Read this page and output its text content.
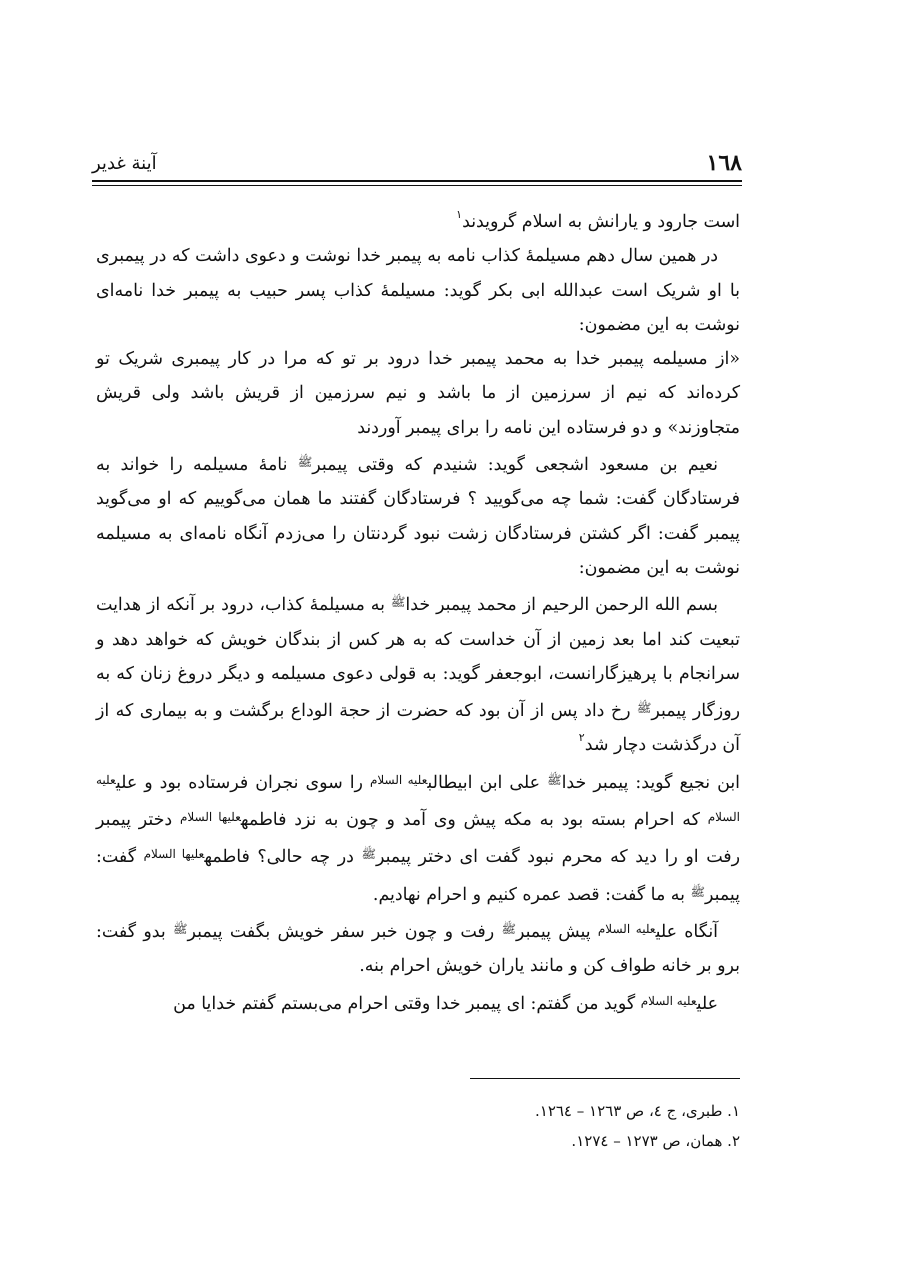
١٦٨
آینة غدیر

است جارود و یارانش به اسلام گرویدند$^١$

در همین سال دهم مسیلمهٔ کذاب نامه به پیمبر خدا نوشت و دعوی داشت که در پیمبری با او شریک است عبدالله ابی بکر گوید: مسیلمهٔ کذاب پسر حبیب به پیمبر خدا نامه‌ای نوشت به این مضمون:

«از مسیلمه پیمبر خدا به محمد پیمبر خدا درود بر تو که مرا در کار پیمبری شریک تو کرده‌اند که نیم از سرزمین از ما باشد و نیم سرزمین از قریش باشد ولی قریش متجاوزند» و دو فرستاده این نامه را برای پیمبر آوردند

نعیم بن مسعود اشجعی گوید: شنیدم که وقتی پیمبر$^ﷺ$ نامهٔ مسیلمه را خواند به فرستادگان گفت: شما چه می‌گویید ؟ فرستادگان گفتند ما همان می‌گوییم که او می‌گوید پیمبر گفت: اگر کشتن فرستادگان زشت نبود گردنتان را می‌زدم آنگاه نامه‌ای به مسیلمه نوشت به این مضمون:

بسم الله الرحمن الرحیم از محمد پیمبر خدا$^ﷺ$ به مسیلمهٔ کذاب، درود بر آنکه از هدایت تبعیت کند اما بعد زمین از آن خداست که به هر کس از بندگان خویش که خواهد دهد و سرانجام با پرهیزگارانست، ابوجعفر گوید: به قولی دعوی مسیلمه و دیگر دروغ زنان که به روزگار پیمبر$^ﷺ$ رخ داد پس از آن بود که حضرت از حجة الوداع برگشت و به بیماری که از آن درگذشت دچار شد$^٢$

ابن نجیع گوید: پیمبر خدا$^ﷺ$ علی ابن ابیطالب$^{عليه السلام}$ را سوی نجران فرستاده بود و علی$^{عليه السلام}$ که احرام بسته بود به مکه پیش وی آمد و چون به نزد فاطمه$^{عليها السلام}$ دختر پیمبر رفت او را دید که محرم نبود گفت ای دختر پیمبر$^ﷺ$ در چه حالی؟ فاطمه$^{عليها السلام}$ گفت: پیمبر$^ﷺ$ به ما گفت: قصد عمره کنیم و احرام نهادیم.

آنگاه علی$^{عليه السلام}$ پیش پیمبر$^ﷺ$ رفت و چون خبر سفر خویش بگفت پیمبر$^ﷺ$ بدو گفت: برو بر خانه طواف کن و مانند یاران خویش احرام بنه.

علی$^{عليه السلام}$ گوید من گفتم: ای پیمبر خدا وقتی احرام می‌بستم گفتم خدایا من

١. طبری، ج ٤، ص ١٢٦٣ – ١٢٦٤.
٢. همان، ص ١٢٧٣ – ١٢٧٤.
